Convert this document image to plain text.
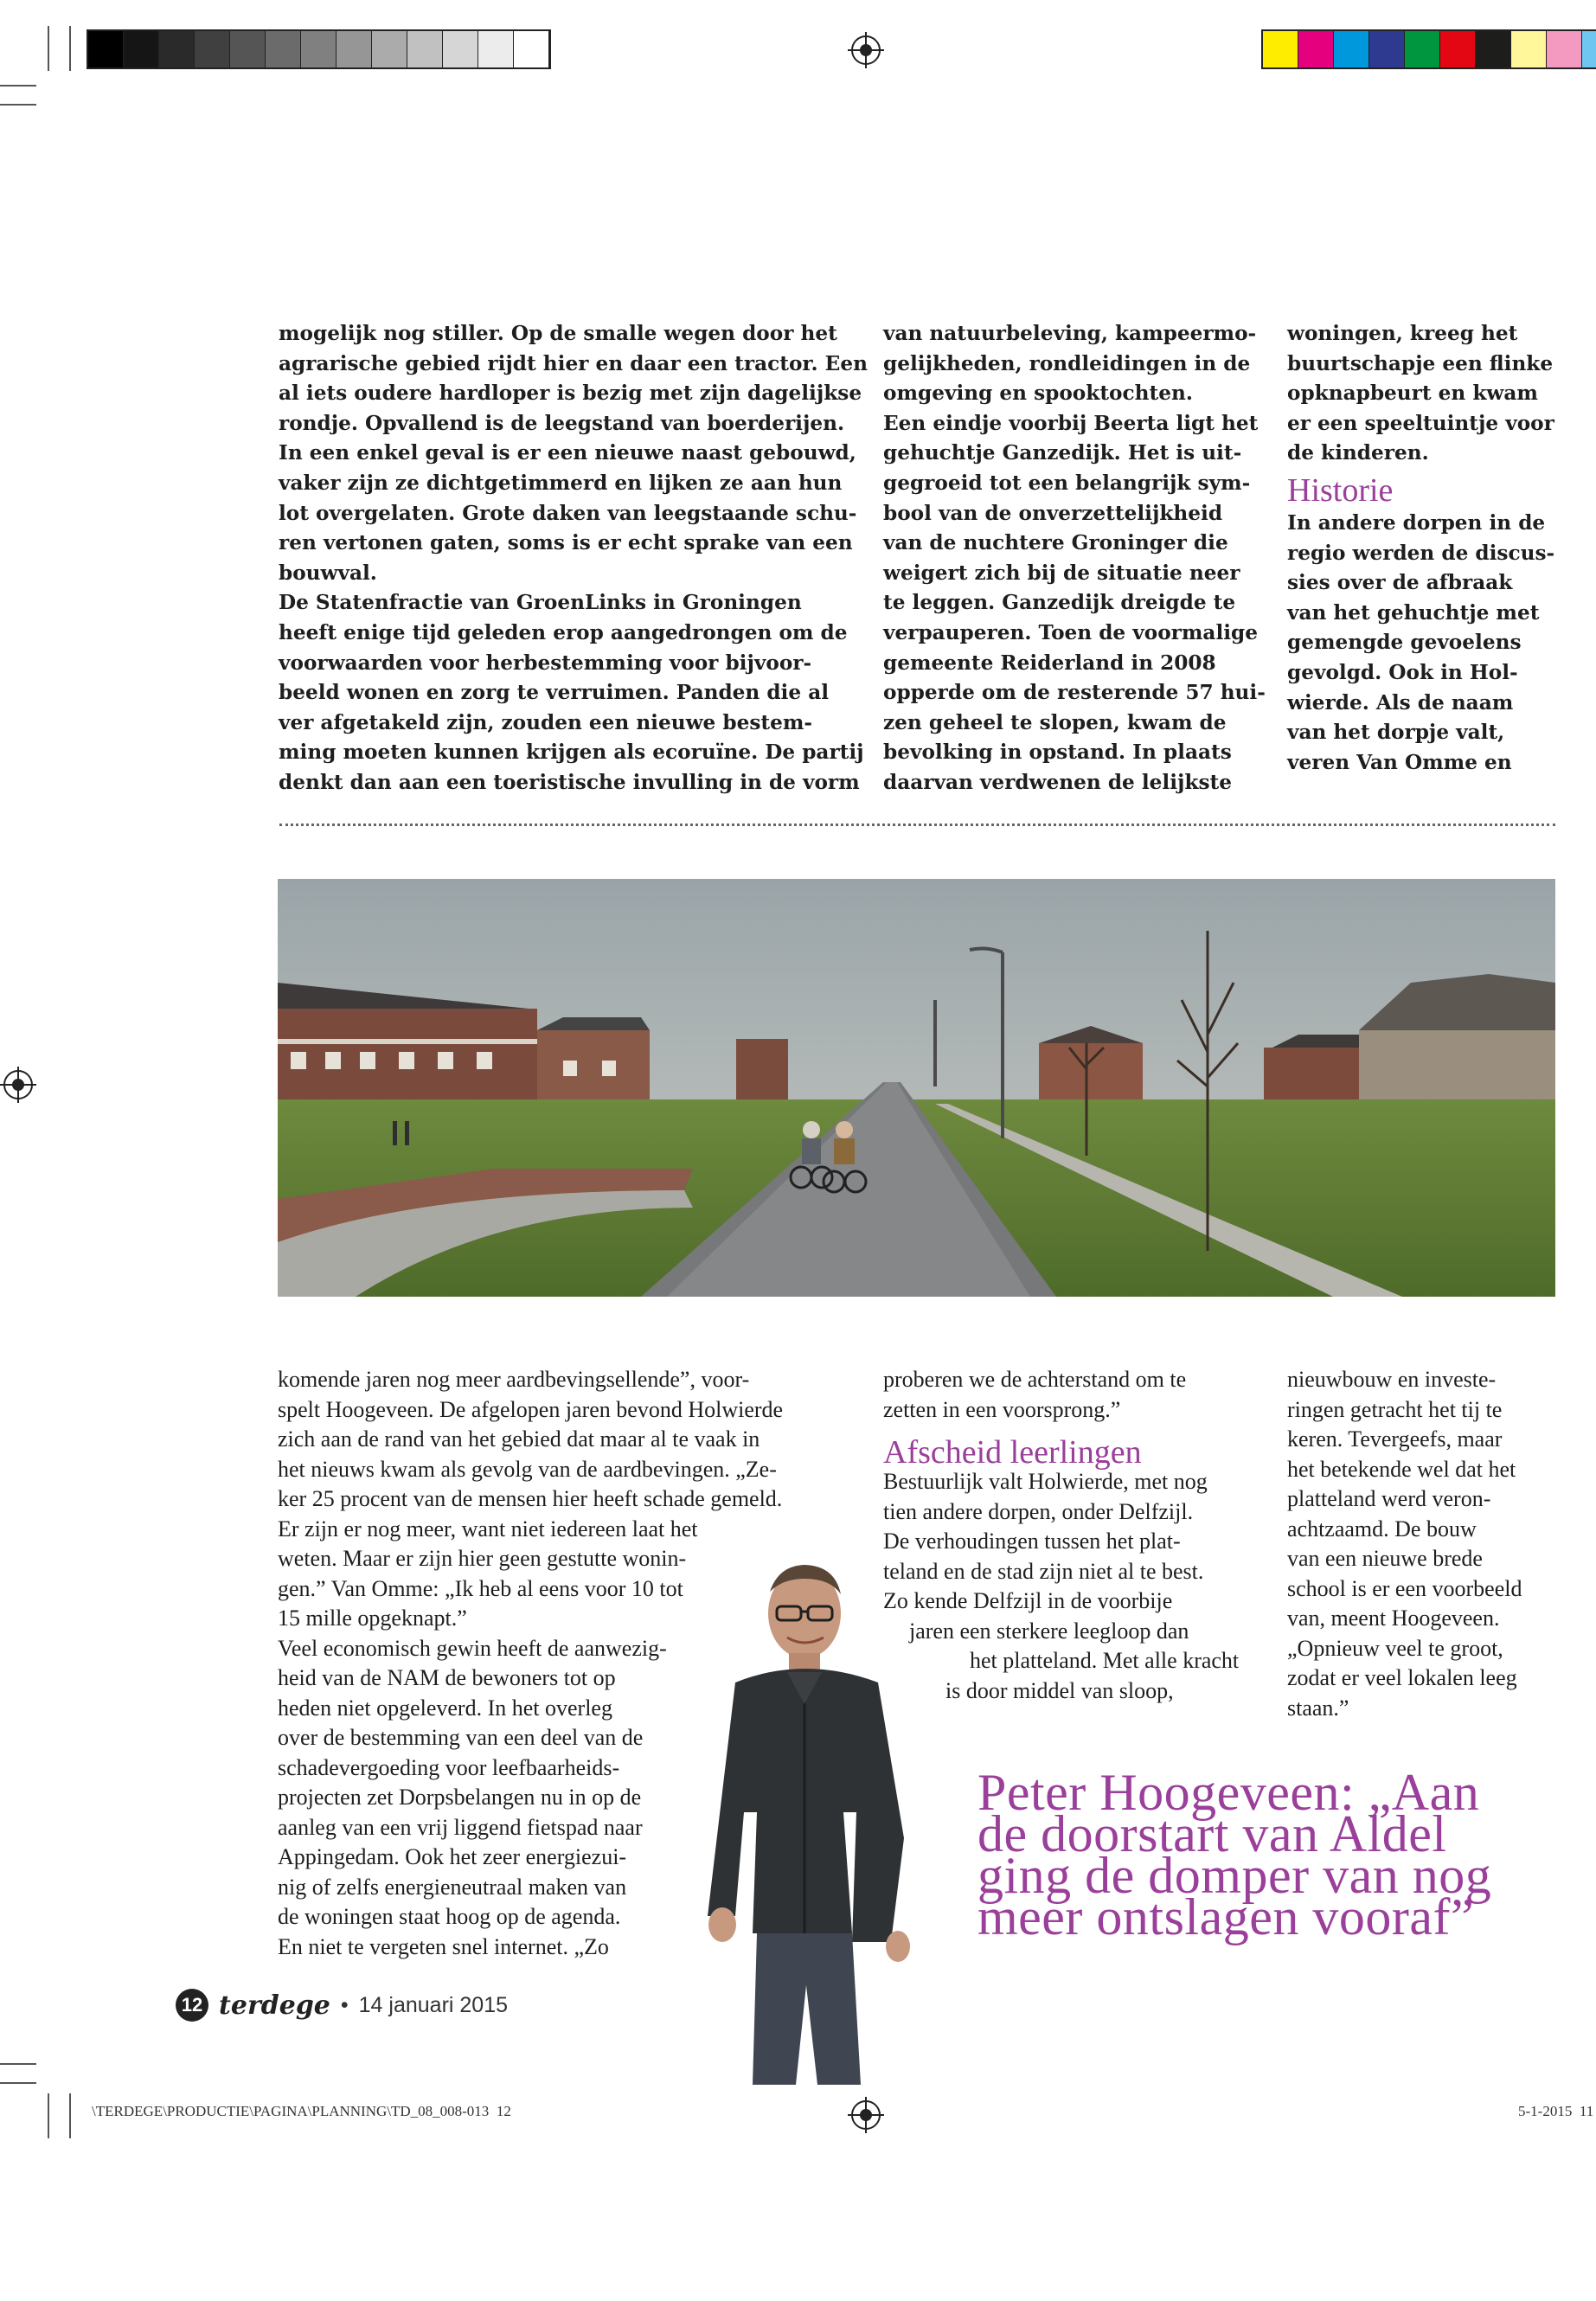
mogelijk nog stiller. Op de smalle wegen door het

agrarische gebied rijdt hier en daar een tractor. Een

al iets oudere hardloper is bezig met zijn dagelijkse

rondje. Opvallend is de leegstand van boerderijen.

In een enkel geval is er een nieuwe naast gebouwd,

vaker zijn ze dichtgetimmerd en lijken ze aan hun

lot overgelaten. Grote daken van leegstaande schu-

ren vertonen gaten, soms is er echt sprake van een

bouwval.

De Statenfractie van GroenLinks in Groningen

heeft enige tijd geleden erop aangedrongen om de

voorwaarden voor herbestemming voor bijvoor-

beeld wonen en zorg te verruimen. Panden die al

ver afgetakeld zijn, zouden een nieuwe bestem-

ming moeten kunnen krijgen als ecoruïne. De partij

denkt dan aan een toeristische invulling in de vorm

van natuurbeleving, kampeermo-

gelijkheden, rondleidingen in de

omgeving en spooktochten.

Een eindje voorbij Beerta ligt het

gehuchtje Ganzedijk. Het is uit-

gegroeid tot een belangrijk sym-

bool van de onverzettelijkheid

van de nuchtere Groninger die

weigert zich bij de situatie neer

te leggen. Ganzedijk dreigde te

verpauperen. Toen de voormalige

gemeente Reiderland in 2008

opperde om de resterende 57 hui-

zen geheel te slopen, kwam de

bevolking in opstand. In plaats

daarvan verdwenen de lelijkste

woningen, kreeg het

buurtschapje een flinke

opknapbeurt en kwam

er een speeltuintje voor

de kinderen.

Historie

In andere dorpen in de

regio werden de discus-

sies over de afbraak

van het gehuchtje met

gemengde gevoelens

gevolgd. Ook in Hol-

wierde. Als de naam

van het dorpje valt,

veren Van Omme en

komende jaren nog meer aardbevingsellende”, voor-

spelt Hoogeveen. De afgelopen jaren bevond Holwierde

zich aan de rand van het gebied dat maar al te vaak in

het nieuws kwam als gevolg van de aardbevingen. „Ze-

ker 25 procent van de mensen hier heeft schade gemeld.

Er zijn er nog meer, want niet iedereen laat het

weten. Maar er zijn hier geen gestutte wonin-

gen.” Van Omme: „Ik heb al eens voor 10 tot

15 mille opgeknapt.”

Veel economisch gewin heeft de aanwezig-

heid van de NAM de bewoners tot op

heden niet opgeleverd. In het overleg

over de bestemming van een deel van de

schadevergoeding voor leefbaarheids-

projecten zet Dorpsbelangen nu in op de

aanleg van een vrij liggend fietspad naar

Appingedam. Ook het zeer energiezui-

nig of zelfs energieneutraal maken van

de woningen staat hoog op de agenda.

En niet te vergeten snel internet. „Zo

proberen we de achterstand om te

zetten in een voorsprong.”

Afscheid leerlingen

Bestuurlijk valt Holwierde, met nog

tien andere dorpen, onder Delfzijl.

De verhoudingen tussen het plat-

teland en de stad zijn niet al te best.

Zo kende Delfzijl in de voorbije

jaren een sterkere leegloop dan

het platteland. Met alle kracht

is door middel van sloop,

nieuwbouw en investe-

ringen getracht het tij te

keren. Tevergeefs, maar

het betekende wel dat het

platteland werd veron-

achtzaamd. De bouw

van een nieuwe brede

school is er een voorbeeld

van, meent Hoogeveen.

„Opnieuw veel te groot,

zodat er veel lokalen leeg

staan.”

Peter Hoogeveen: „Aan

de doorstart van Aldel

ging de domper van nog

meer ontslagen vooraf”

12 terdege • 14 januari 2015
\TERDEGE\PRODUCTIE\PAGINA\PLANNING\TD_08_008-013 12	5-1-2015 11
